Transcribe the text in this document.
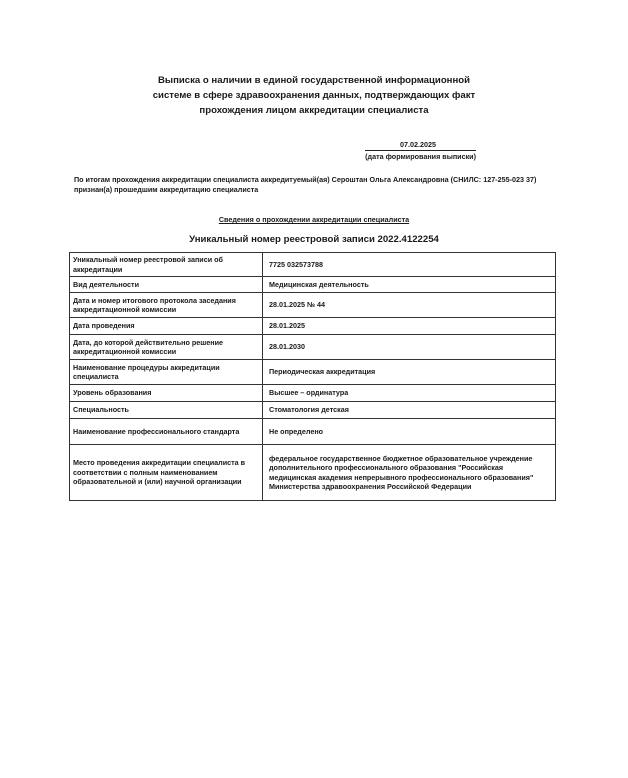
Выписка о наличии в единой государственной информационной
системе в сфере здравоохранения данных, подтверждающих факт
прохождения лицом аккредитации специалиста
07.02.2025
(дата формирования выписки)
По итогам прохождения аккредитации специалиста аккредитуемый(ая) Сероштан Ольга Александровна (СНИЛС: 127-255-023 37) признан(а) прошедшим аккредитацию специалиста
Сведения о прохождении аккредитации специалиста
Уникальный номер реестровой записи 2022.4122254
Уникальный номер реестровой записи об аккредитации	7725 032573788
Вид деятельности	Медицинская деятельность
Дата и номер итогового протокола заседания аккредитационной комиссии	28.01.2025 № 44
Дата проведения	28.01.2025
Дата, до которой действительно решение аккредитационной комиссии	28.01.2030
Наименование процедуры аккредитации специалиста	Периодическая аккредитация
Уровень образования	Высшее – ординатура
Специальность	Стоматология детская
Наименование профессионального стандарта	Не определено
Место проведения аккредитации специалиста в соответствии с полным наименованием образовательной и (или) научной организации	федеральное государственное бюджетное образовательное учреждение дополнительного профессионального образования "Российская медицинская академия непрерывного профессионального образования" Министерства здравоохранения Российской Федерации
